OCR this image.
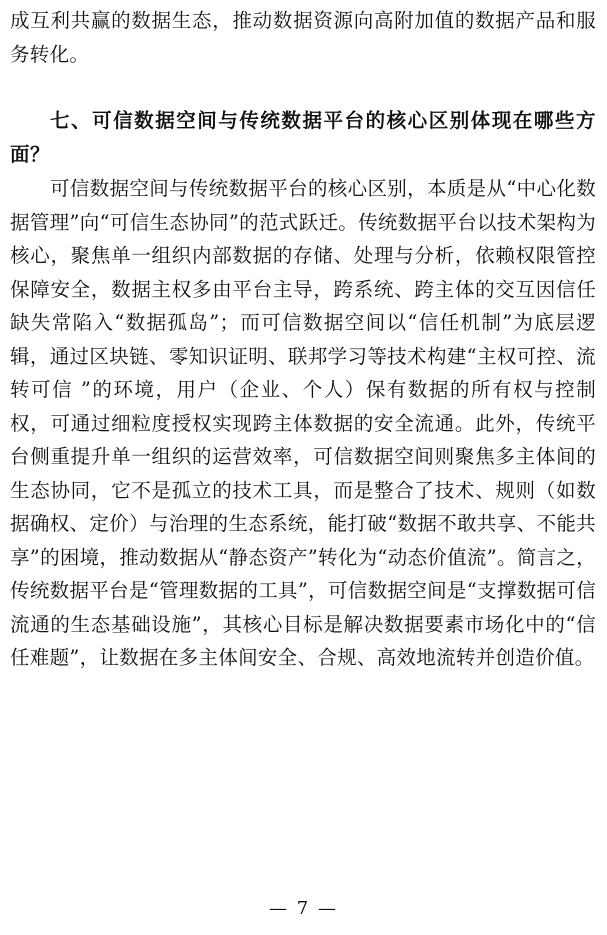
成互利共赢的数据生态，推动数据资源向高附加值的数据产品和服务转化。
七、可信数据空间与传统数据平台的核心区别体现在哪些方面？
可信数据空间与传统数据平台的核心区别，本质是从“中心化数据管理”向“可信生态协同”的范式跃迁。传统数据平台以技术架构为核心，聚焦单一组织内部数据的存储、处理与分析，依赖权限管控保障安全，数据主权多由平台主导，跨系统、跨主体的交互因信任缺失常陷入“数据孤岛”；而可信数据空间以“信任机制”为底层逻辑，通过区块链、零知识证明、联邦学习等技术构建“主权可控、流转可信 ”的环境，用户（企业、个人）保有数据的所有权与控制权，可通过细粒度授权实现跨主体数据的安全流通。此外，传统平台侧重提升单一组织的运营效率，可信数据空间则聚焦多主体间的生态协同，它不是孤立的技术工具，而是整合了技术、规则（如数据确权、定价）与治理的生态系统，能打破“数据不敢共享、不能共享”的困境，推动数据从“静态资产”转化为“动态价值流”。简言之，传统数据平台是“管理数据的工具”，可信数据空间是“支撑数据可信流通的生态基础设施”，其核心目标是解决数据要素市场化中的“信任难题”，让数据在多主体间安全、合规、高效地流转并创造价值。
— 7 —
